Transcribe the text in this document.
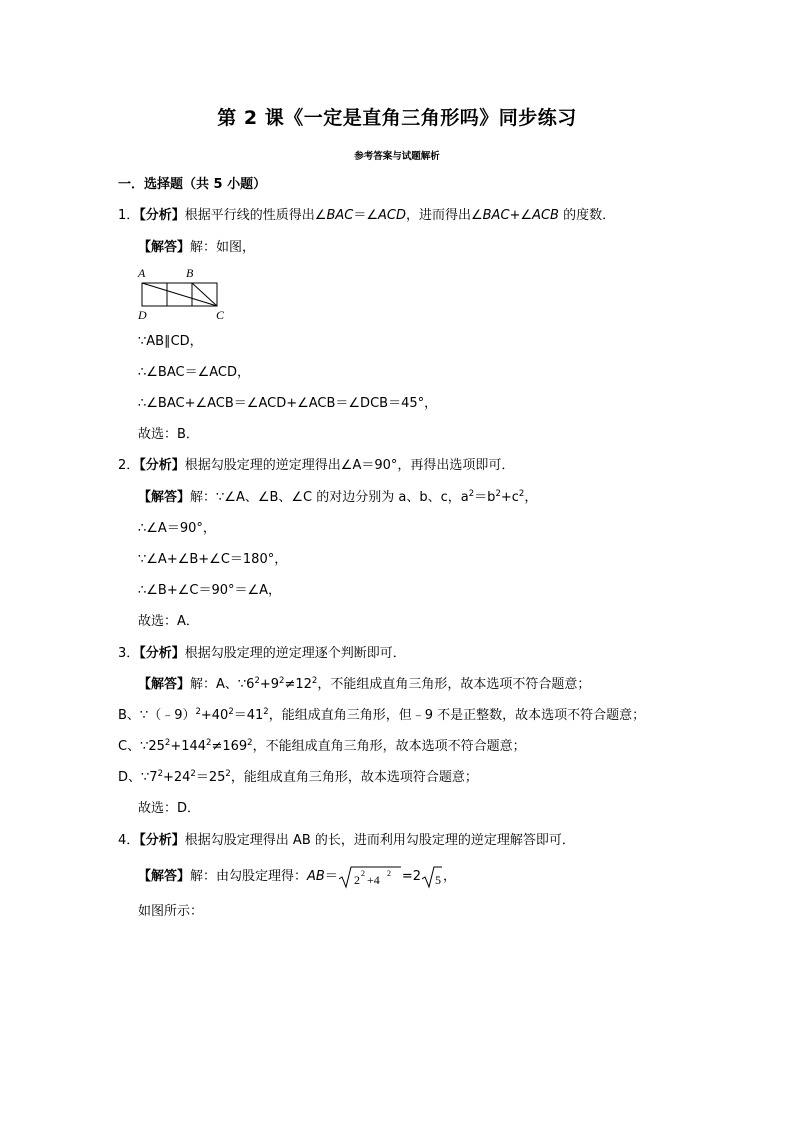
第 2 课《一定是直角三角形吗》同步练习
参考答案与试题解析
一．选择题（共 5 小题）
1．【分析】根据平行线的性质得出∠BAC＝∠ACD，进而得出∠BAC+∠ACB 的度数．
【解答】解：如图，
A	B
D	C
∵AB∥CD，
∴∠BAC＝∠ACD，
∴∠BAC+∠ACB＝∠ACD+∠ACB＝∠DCB＝45°，
故选：B．
2．【分析】根据勾股定理的逆定理得出∠A＝90°，再得出选项即可．
【解答】解：∵∠A、∠B、∠C 的对边分别为 a、b、c，$a^2=b^2+c^2$，
∴∠A＝90°，
∵∠A+∠B+∠C＝180°，
∴∠B+∠C＝90°＝∠A，
故选：A．
3．【分析】根据勾股定理的逆定理逐个判断即可．
【解答】解：A、$\because 6^2+9^2\ne 12^2$，不能组成直角三角形，故本选项不符合题意；
B、$\because(﹣9)^2+40^2=41^2$，能组成直角三角形，但﹣9 不是正整数，故本选项不符合题意；
C、$\because 25^2+144^2\ne 169^2$，不能组成直角三角形，故本选项不符合题意；
D、$\because 7^2+24^2=25^2$，能组成直角三角形，故本选项符合题意；
故选：D．
4．【分析】根据勾股定理得出 AB 的长，进而利用勾股定理的逆定理解答即可．
【解答】解：由勾股定理得：AB＝ 2 2 +4 2 =2 5 ，
如图所示：
